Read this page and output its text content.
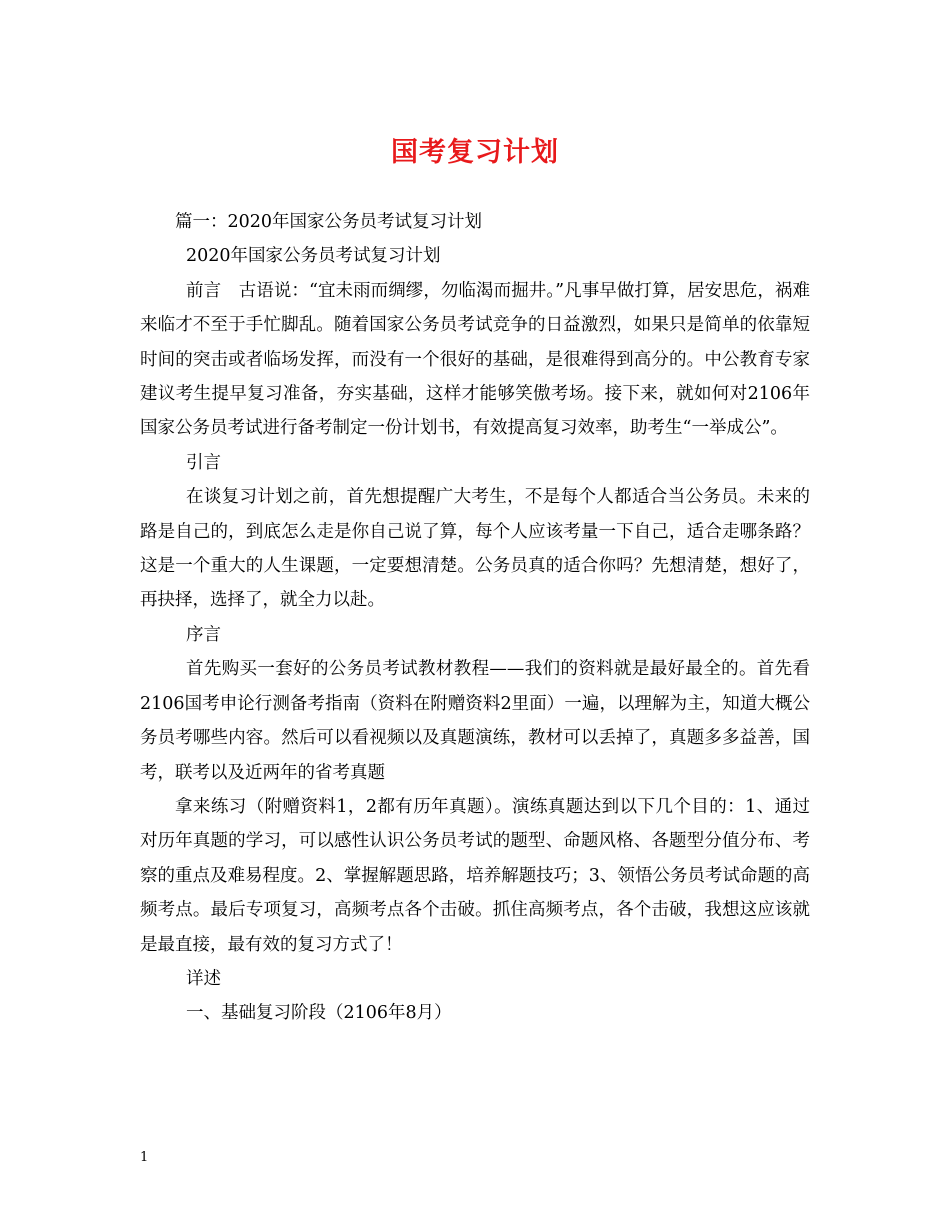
国考复习计划

篇一：2020年国家公务员考试复习计划

2020年国家公务员考试复习计划

前言　古语说：“宜未雨而绸缪，勿临渴而掘井。”凡事早做打算，居安思危，祸难来临才不至于手忙脚乱。随着国家公务员考试竞争的日益激烈，如果只是简单的依靠短时间的突击或者临场发挥，而没有一个很好的基础，是很难得到高分的。中公教育专家建议考生提早复习准备，夯实基础，这样才能够笑傲考场。接下来，就如何对2106年国家公务员考试进行备考制定一份计划书，有效提高复习效率，助考生“一举成公”。

引言

在谈复习计划之前，首先想提醒广大考生，不是每个人都适合当公务员。未来的路是自己的，到底怎么走是你自己说了算，每个人应该考量一下自己，适合走哪条路？这是一个重大的人生课题，一定要想清楚。公务员真的适合你吗？先想清楚，想好了，再抉择，选择了，就全力以赴。

序言

首先购买一套好的公务员考试教材教程——我们的资料就是最好最全的。首先看2106国考申论行测备考指南（资料在附赠资料2里面）一遍，以理解为主，知道大概公务员考哪些内容。然后可以看视频以及真题演练，教材可以丢掉了，真题多多益善，国考，联考以及近两年的省考真题

拿来练习（附赠资料1，2都有历年真题）。演练真题达到以下几个目的：1、通过对历年真题的学习，可以感性认识公务员考试的题型、命题风格、各题型分值分布、考察的重点及难易程度。2、掌握解题思路，培养解题技巧；3、领悟公务员考试命题的高频考点。最后专项复习，高频考点各个击破。抓住高频考点，各个击破，我想这应该就是最直接，最有效的复习方式了！

详述

一、基础复习阶段（2106年8月）

1
